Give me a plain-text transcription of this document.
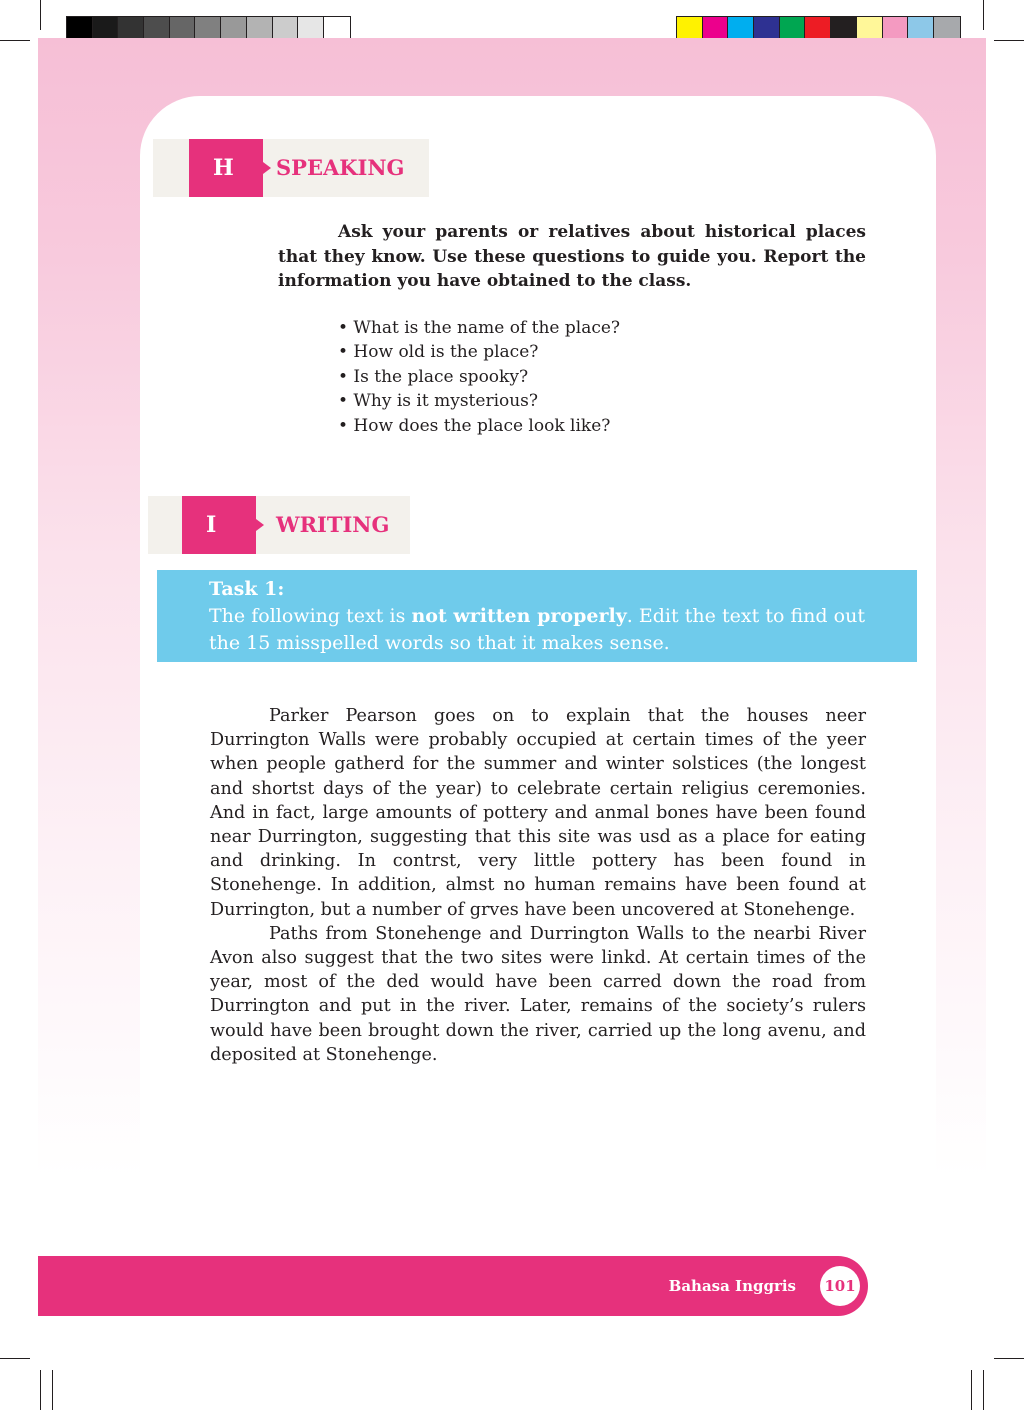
H	SPEAKING
Ask your parents or relatives about historical places that they know. Use these questions to guide you. Report the information you have obtained to the class.
• What is the name of the place?
• How old is the place?
• Is the place spooky?
• Why is it mysterious?
• How does the place look like?
I	WRITING
Task 1:
The following text is not written properly. Edit the text to find out the 15 misspelled words so that it makes sense.

Parker Pearson goes on to explain that the houses neer Durrington Walls were probably occupied at certain times of the yeer when people gatherd for the summer and winter solstices (the longest and shortst days of the year) to celebrate certain religius ceremonies. And in fact, large amounts of pottery and anmal bones have been found near Durrington, suggesting that this site was usd as a place for eating and drinking. In contrst, very little pottery has been found in Stonehenge. In addition, almst no human remains have been found at Durrington, but a number of grves have been uncovered at Stonehenge.

Paths from Stonehenge and Durrington Walls to the nearbi River Avon also suggest that the two sites were linkd. At certain times of the year, most of the ded would have been carred down the road from Durrington and put in the river. Later, remains of the society’s rulers would have been brought down the river, carried up the long avenu, and deposited at Stonehenge.

Bahasa Inggris 101
